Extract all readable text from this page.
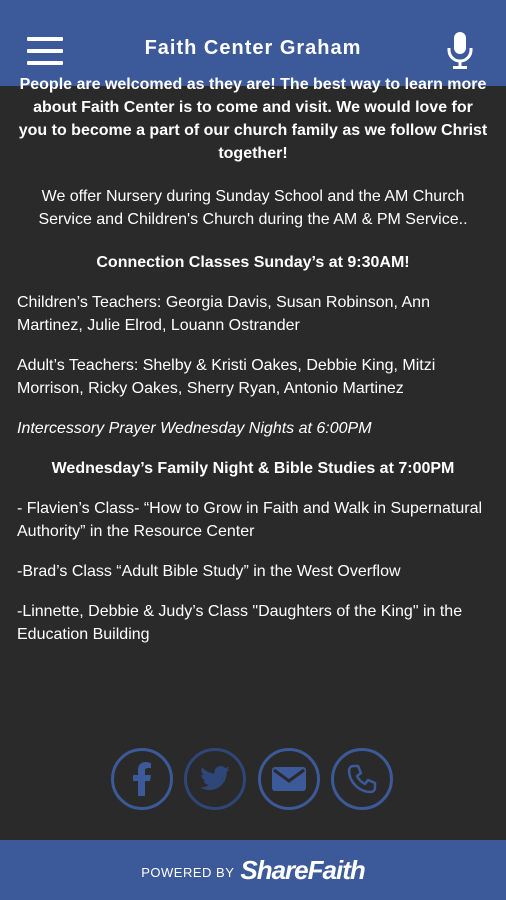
Faith Center Graham

People are welcomed as they are! The best way to learn more about Faith Center is to come and visit. We would love for you to become a part of our church family as we follow Christ together!

We offer Nursery during Sunday School and the AM Church Service and Children's Church during the AM & PM Service..

Connection Classes Sunday’s at 9:30AM!

Children’s Teachers: Georgia Davis, Susan Robinson, Ann Martinez, Julie Elrod, Louann Ostrander

Adult’s Teachers: Shelby & Kristi Oakes, Debbie King, Mitzi Morrison, Ricky Oakes, Sherry Ryan, Antonio Martinez

Intercessory Prayer Wednesday Nights at 6:00PM

Wednesday’s Family Night & Bible Studies at 7:00PM

- Flavien’s Class- “How to Grow in Faith and Walk in Supernatural Authority” in the Resource Center

-Brad’s Class “Adult Bible Study” in the West Overflow

-Linnette, Debbie & Judy’s Class "Daughters of the King" in the Education Building

POWERED BY ShareFaith
